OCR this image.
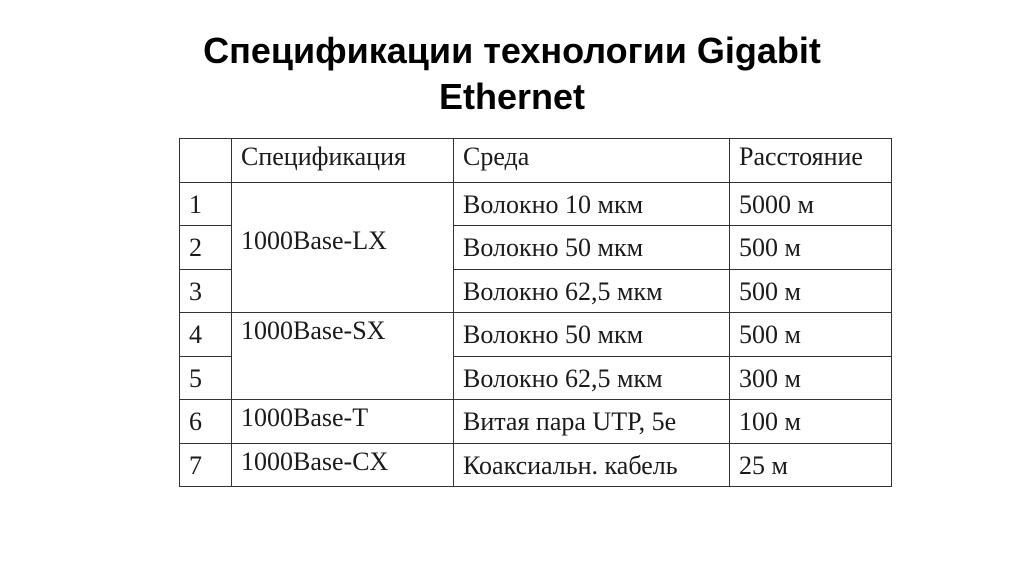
Спецификации технологии Gigabit
Ethernet
	Спецификация	Среда	Расстояние
1	1000Base-LX	Волокно 10 мкм	5000 м
2		Волокно 50 мкм	500 м
3		Волокно 62,5 мкм	500 м
4	1000Base-SX	Волокно 50 мкм	500 м
5		Волокно 62,5 мкм	300 м
6	1000Base-T	Витая пара UTP, 5e	100 м
7	1000Base-CX	Коаксиальн. кабель	25 м
